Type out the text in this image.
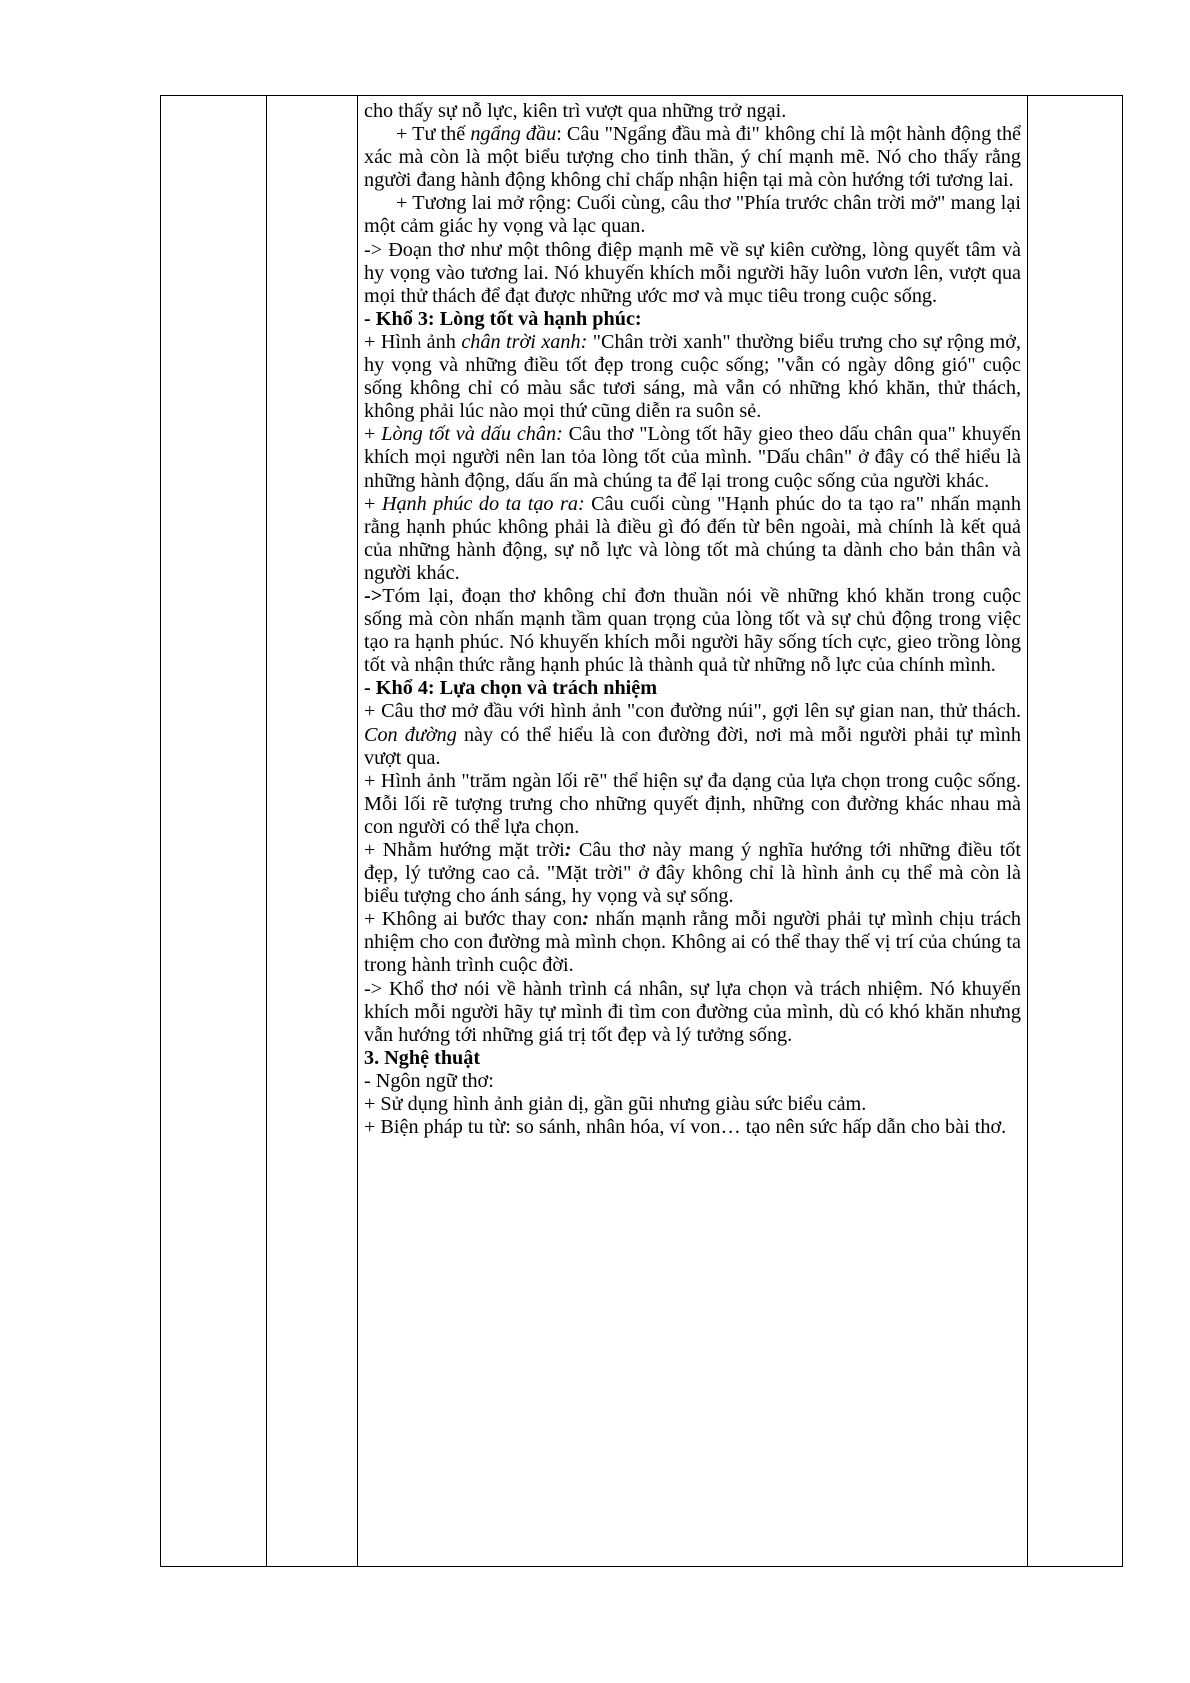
cho thấy sự nỗ lực, kiên trì vượt qua những trở ngại.

+ Tư thế ngẩng đầu: Câu "Ngẩng đầu mà đi" không chỉ là một hành động thể xác mà còn là một biểu tượng cho tinh thần, ý chí mạnh mẽ. Nó cho thấy rằng người đang hành động không chỉ chấp nhận hiện tại mà còn hướng tới tương lai.

+ Tương lai mở rộng: Cuối cùng, câu thơ "Phía trước chân trời mở" mang lại một cảm giác hy vọng và lạc quan.

-> Đoạn thơ như một thông điệp mạnh mẽ về sự kiên cường, lòng quyết tâm và hy vọng vào tương lai. Nó khuyến khích mỗi người hãy luôn vươn lên, vượt qua mọi thử thách để đạt được những ước mơ và mục tiêu trong cuộc sống.

- Khổ 3: Lòng tốt và hạnh phúc:

+ Hình ảnh chân trời xanh: "Chân trời xanh" thường biểu trưng cho sự rộng mở, hy vọng và những điều tốt đẹp trong cuộc sống; "vẫn có ngày dông gió" cuộc sống không chỉ có màu sắc tươi sáng, mà vẫn có những khó khăn, thử thách, không phải lúc nào mọi thứ cũng diễn ra suôn sẻ.

+ Lòng tốt và dấu chân: Câu thơ "Lòng tốt hãy gieo theo dấu chân qua" khuyến khích mọi người nên lan tỏa lòng tốt của mình. "Dấu chân" ở đây có thể hiểu là những hành động, dấu ấn mà chúng ta để lại trong cuộc sống của người khác.

+ Hạnh phúc do ta tạo ra: Câu cuối cùng "Hạnh phúc do ta tạo ra" nhấn mạnh rằng hạnh phúc không phải là điều gì đó đến từ bên ngoài, mà chính là kết quả của những hành động, sự nỗ lực và lòng tốt mà chúng ta dành cho bản thân và người khác.

->Tóm lại, đoạn thơ không chỉ đơn thuần nói về những khó khăn trong cuộc sống mà còn nhấn mạnh tầm quan trọng của lòng tốt và sự chủ động trong việc tạo ra hạnh phúc. Nó khuyến khích mỗi người hãy sống tích cực, gieo trồng lòng tốt và nhận thức rằng hạnh phúc là thành quả từ những nỗ lực của chính mình.

- Khổ 4: Lựa chọn và trách nhiệm

+ Câu thơ mở đầu với hình ảnh "con đường núi", gợi lên sự gian nan, thử thách. Con đường này có thể hiểu là con đường đời, nơi mà mỗi người phải tự mình vượt qua.

+ Hình ảnh "trăm ngàn lối rẽ" thể hiện sự đa dạng của lựa chọn trong cuộc sống. Mỗi lối rẽ tượng trưng cho những quyết định, những con đường khác nhau mà con người có thể lựa chọn.

+ Nhằm hướng mặt trời: Câu thơ này mang ý nghĩa hướng tới những điều tốt đẹp, lý tưởng cao cả. "Mặt trời" ở đây không chỉ là hình ảnh cụ thể mà còn là biểu tượng cho ánh sáng, hy vọng và sự sống.

+ Không ai bước thay con: nhấn mạnh rằng mỗi người phải tự mình chịu trách nhiệm cho con đường mà mình chọn. Không ai có thể thay thế vị trí của chúng ta trong hành trình cuộc đời.

-> Khổ thơ nói về hành trình cá nhân, sự lựa chọn và trách nhiệm. Nó khuyến khích mỗi người hãy tự mình đi tìm con đường của mình, dù có khó khăn nhưng vẫn hướng tới những giá trị tốt đẹp và lý tưởng sống.

3. Nghệ thuật

- Ngôn ngữ thơ:

+ Sử dụng hình ảnh giản dị, gần gũi nhưng giàu sức biểu cảm.

+ Biện pháp tu từ: so sánh, nhân hóa, ví von… tạo nên sức hấp dẫn cho bài thơ.
